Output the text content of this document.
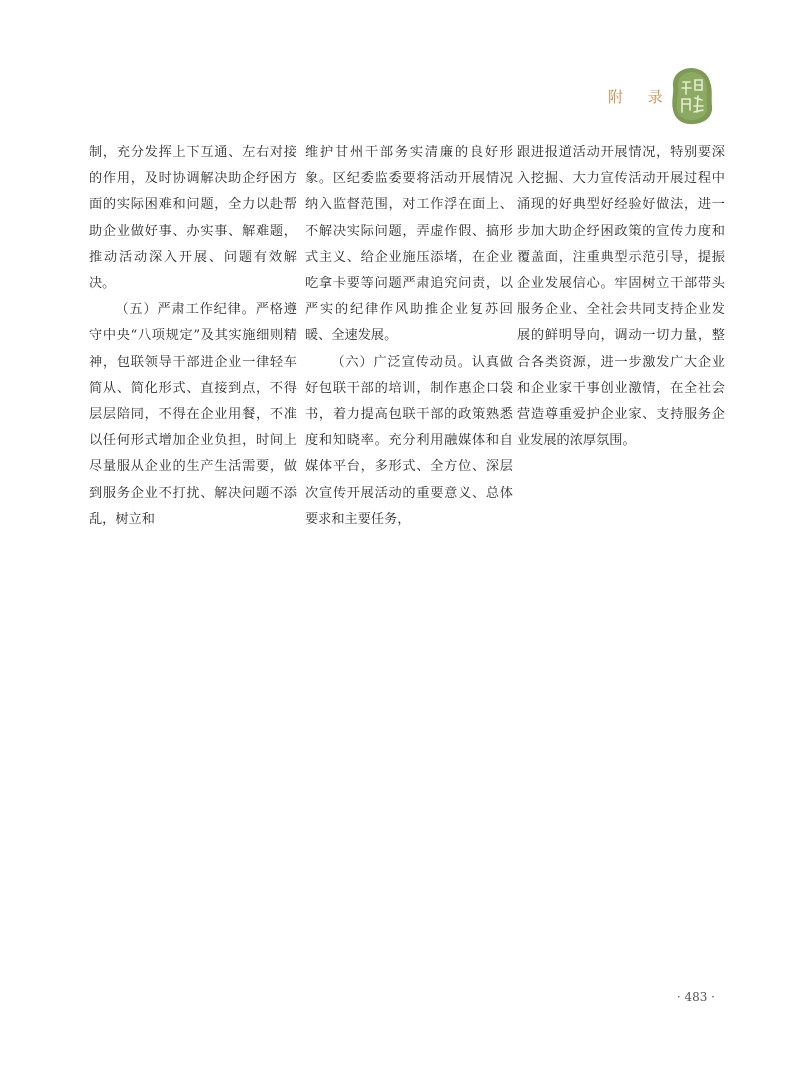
附 录

制，充分发挥上下互通、左右对接的作用，及时协调解决助企纾困方面的实际困难和问题，全力以赴帮助企业做好事、办实事、解难题，推动活动深入开展、问题有效解决。

（五）严肃工作纪律。严格遵守中央“八项规定”及其实施细则精神，包联领导干部进企业一律轻车简从、简化形式、直接到点，不得层层陪同，不得在企业用餐，不准以任何形式增加企业负担，时间上尽量服从企业的生产生活需要，做到服务企业不打扰、解决问题不添乱，树立和

维护甘州干部务实清廉的良好形象。区纪委监委要将活动开展情况纳入监督范围，对工作浮在面上、不解决实际问题，弄虚作假、搞形式主义、给企业施压添堵，在企业吃拿卡要等问题严肃追究问责，以严实的纪律作风助推企业复苏回暖、全速发展。

（六）广泛宣传动员。认真做好包联干部的培训，制作惠企口袋书，着力提高包联干部的政策熟悉度和知晓率。充分利用融媒体和自媒体平台，多形式、全方位、深层次宣传开展活动的重要意义、总体要求和主要任务，

跟进报道活动开展情况，特别要深入挖掘、大力宣传活动开展过程中涌现的好典型好经验好做法，进一步加大助企纾困政策的宣传力度和覆盖面，注重典型示范引导，提振企业发展信心。牢固树立干部带头服务企业、全社会共同支持企业发展的鲜明导向，调动一切力量，整合各类资源，进一步激发广大企业和企业家干事创业激情，在全社会营造尊重爱护企业家、支持服务企业发展的浓厚氛围。

· 483 ·
